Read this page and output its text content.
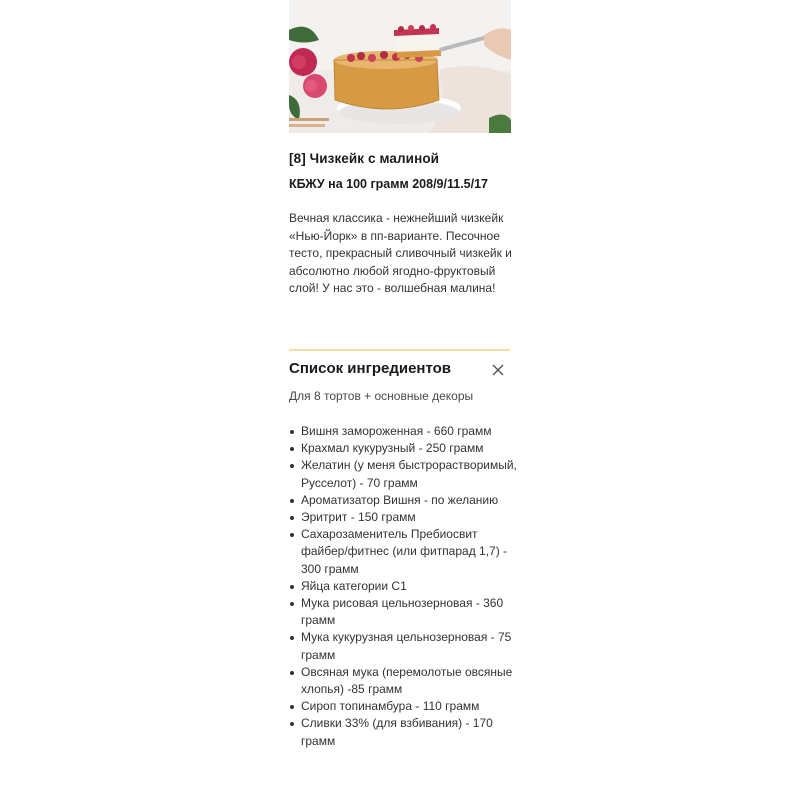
[8] Чизкейк с малиной

КБЖУ на 100 грамм 208/9/11.5/17

Вечная классика - нежнейший чизкейк «Нью-Йорк» в пп-варианте. Песочное тесто, прекрасный сливочный чизкейк и абсолютно любой ягодно-фруктовый слой! У нас это - волшебная малина!

Список ингредиентов

Для 8 тортов + основные декоры

Вишня замороженная - 660 грамм
Крахмал кукурузный - 250 грамм
Желатин (у меня быстрорастворимый, Русселот) - 70 грамм
Ароматизатор Вишня - по желанию
Эритрит - 150 грамм
Сахарозаменитель Пребиосвит файбер/фитнес (или фитпарад 1,7) - 300 грамм
Яйца категории С1
Мука рисовая цельнозерновая - 360 грамм
Мука кукурузная цельнозерновая - 75 грамм
Овсяная мука (перемолотые овсяные хлопья) -85 грамм
Сироп топинамбура - 110 грамм
Сливки 33% (для взбивания) - 170 грамм
